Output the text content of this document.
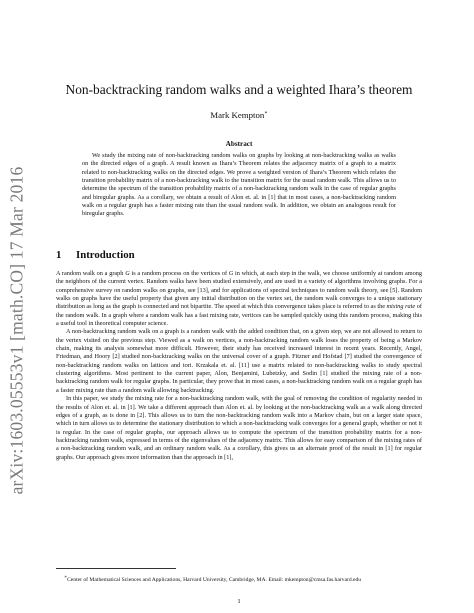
arXiv:1603.05553v1 [math.CO] 17 Mar 2016
Non-backtracking random walks and a weighted Ihara’s theorem
Mark Kempton∗
Abstract

We study the mixing rate of non-backtracking random walks on graphs by looking at non-backtracking walks as walks on the directed edges of a graph. A result known as Ihara’s Theorem relates the adjacency matrix of a graph to a matrix related to non-backtracking walks on the directed edges. We prove a weighted version of Ihara’s Theorem which relates the transition probability matrix of a non-backtracking walk to the transition matrix for the usual random walk. This allows us to determine the spectrum of the transition probability matrix of a non-backtracking random walk in the case of regular graphs and biregular graphs. As a corollary, we obtain a result of Alon et. al. in [1] that in most cases, a non-backtracking random walk on a regular graph has a faster mixing rate than the usual random walk. In addition, we obtain an analogous result for biregular graphs.

1 Introduction

A random walk on a graph G is a random process on the vertices of G in which, at each step in the walk, we choose uniformly at random among the neighbors of the current vertex. Random walks have been studied extensively, and are used in a variety of algorithms involving graphs. For a comprehensive survey on random walks on graphs, see [13], and for applications of spectral techniques to random walk theory, see [5]. Random walks on graphs have the useful property that given any initial distribution on the vertex set, the random walk converges to a unique stationary distribution as long as the graph is connected and not bipartite. The speed at which this convergence takes place is referred to as the mixing rate of the random walk. In a graph where a random walk has a fast mixing rate, vertices can be sampled quickly using this random process, making this a useful tool in theoretical computer science.

A non-backtracking random walk on a graph is a random walk with the added condition that, on a given step, we are not allowed to return to the vertex visited on the previous step. Viewed as a walk on vertices, a non-backtracking random walk loses the property of being a Markov chain, making its analysis somewhat more difficult. However, their study has received increased interest in recent years. Recently, Angel, Friedman, and Hoory [2] studied non-backtracking walks on the universal cover of a graph. Fitzner and Hofstad [7] studied the convergence of non-backtracking random walks on lattices and tori. Krzakala et. al. [11] use a matrix related to non-backtracking walks to study spectral clustering algorithms. Most pertinent to the current paper, Alon, Benjamini, Lubetzky, and Sodin [1] studied the mixing rate of a non-backtracking random walk for regular graphs. In particular, they prove that in most cases, a non-backtracking random walk on a regular graph has a faster mixing rate than a random walk allowing backtracking.

In this paper, we study the mixing rate for a non-backtracking random walk, with the goal of removing the condition of regularity needed in the results of Alon et. al. in [1]. We take a different approach than Alon et. al. by looking at the non-backtracking walk as a walk along directed edges of a graph, as is done in [2]. This allows us to turn the non-backtracking random walk into a Markov chain, but on a larger state space, which in turn allows us to determine the stationary distribution to which a non-backtracking walk converges for a general graph, whether or not it is regular. In the case of regular graphs, our approach allows us to compute the spectrum of the transition probability matrix for a non-backtracking random walk, expressed in terms of the eigenvalues of the adjacency matrix. This allows for easy comparison of the mixing rates of a non-backtracking random walk, and an ordinary random walk. As a corollary, this gives us an alternate proof of the result in [1] for regular graphs. Our approach gives more information than the approach in [1],

∗Center of Mathematical Sciences and Applications, Harvard University, Cambridge, MA. Email: mkempton@cmsa.fas.harvard.edu

1
